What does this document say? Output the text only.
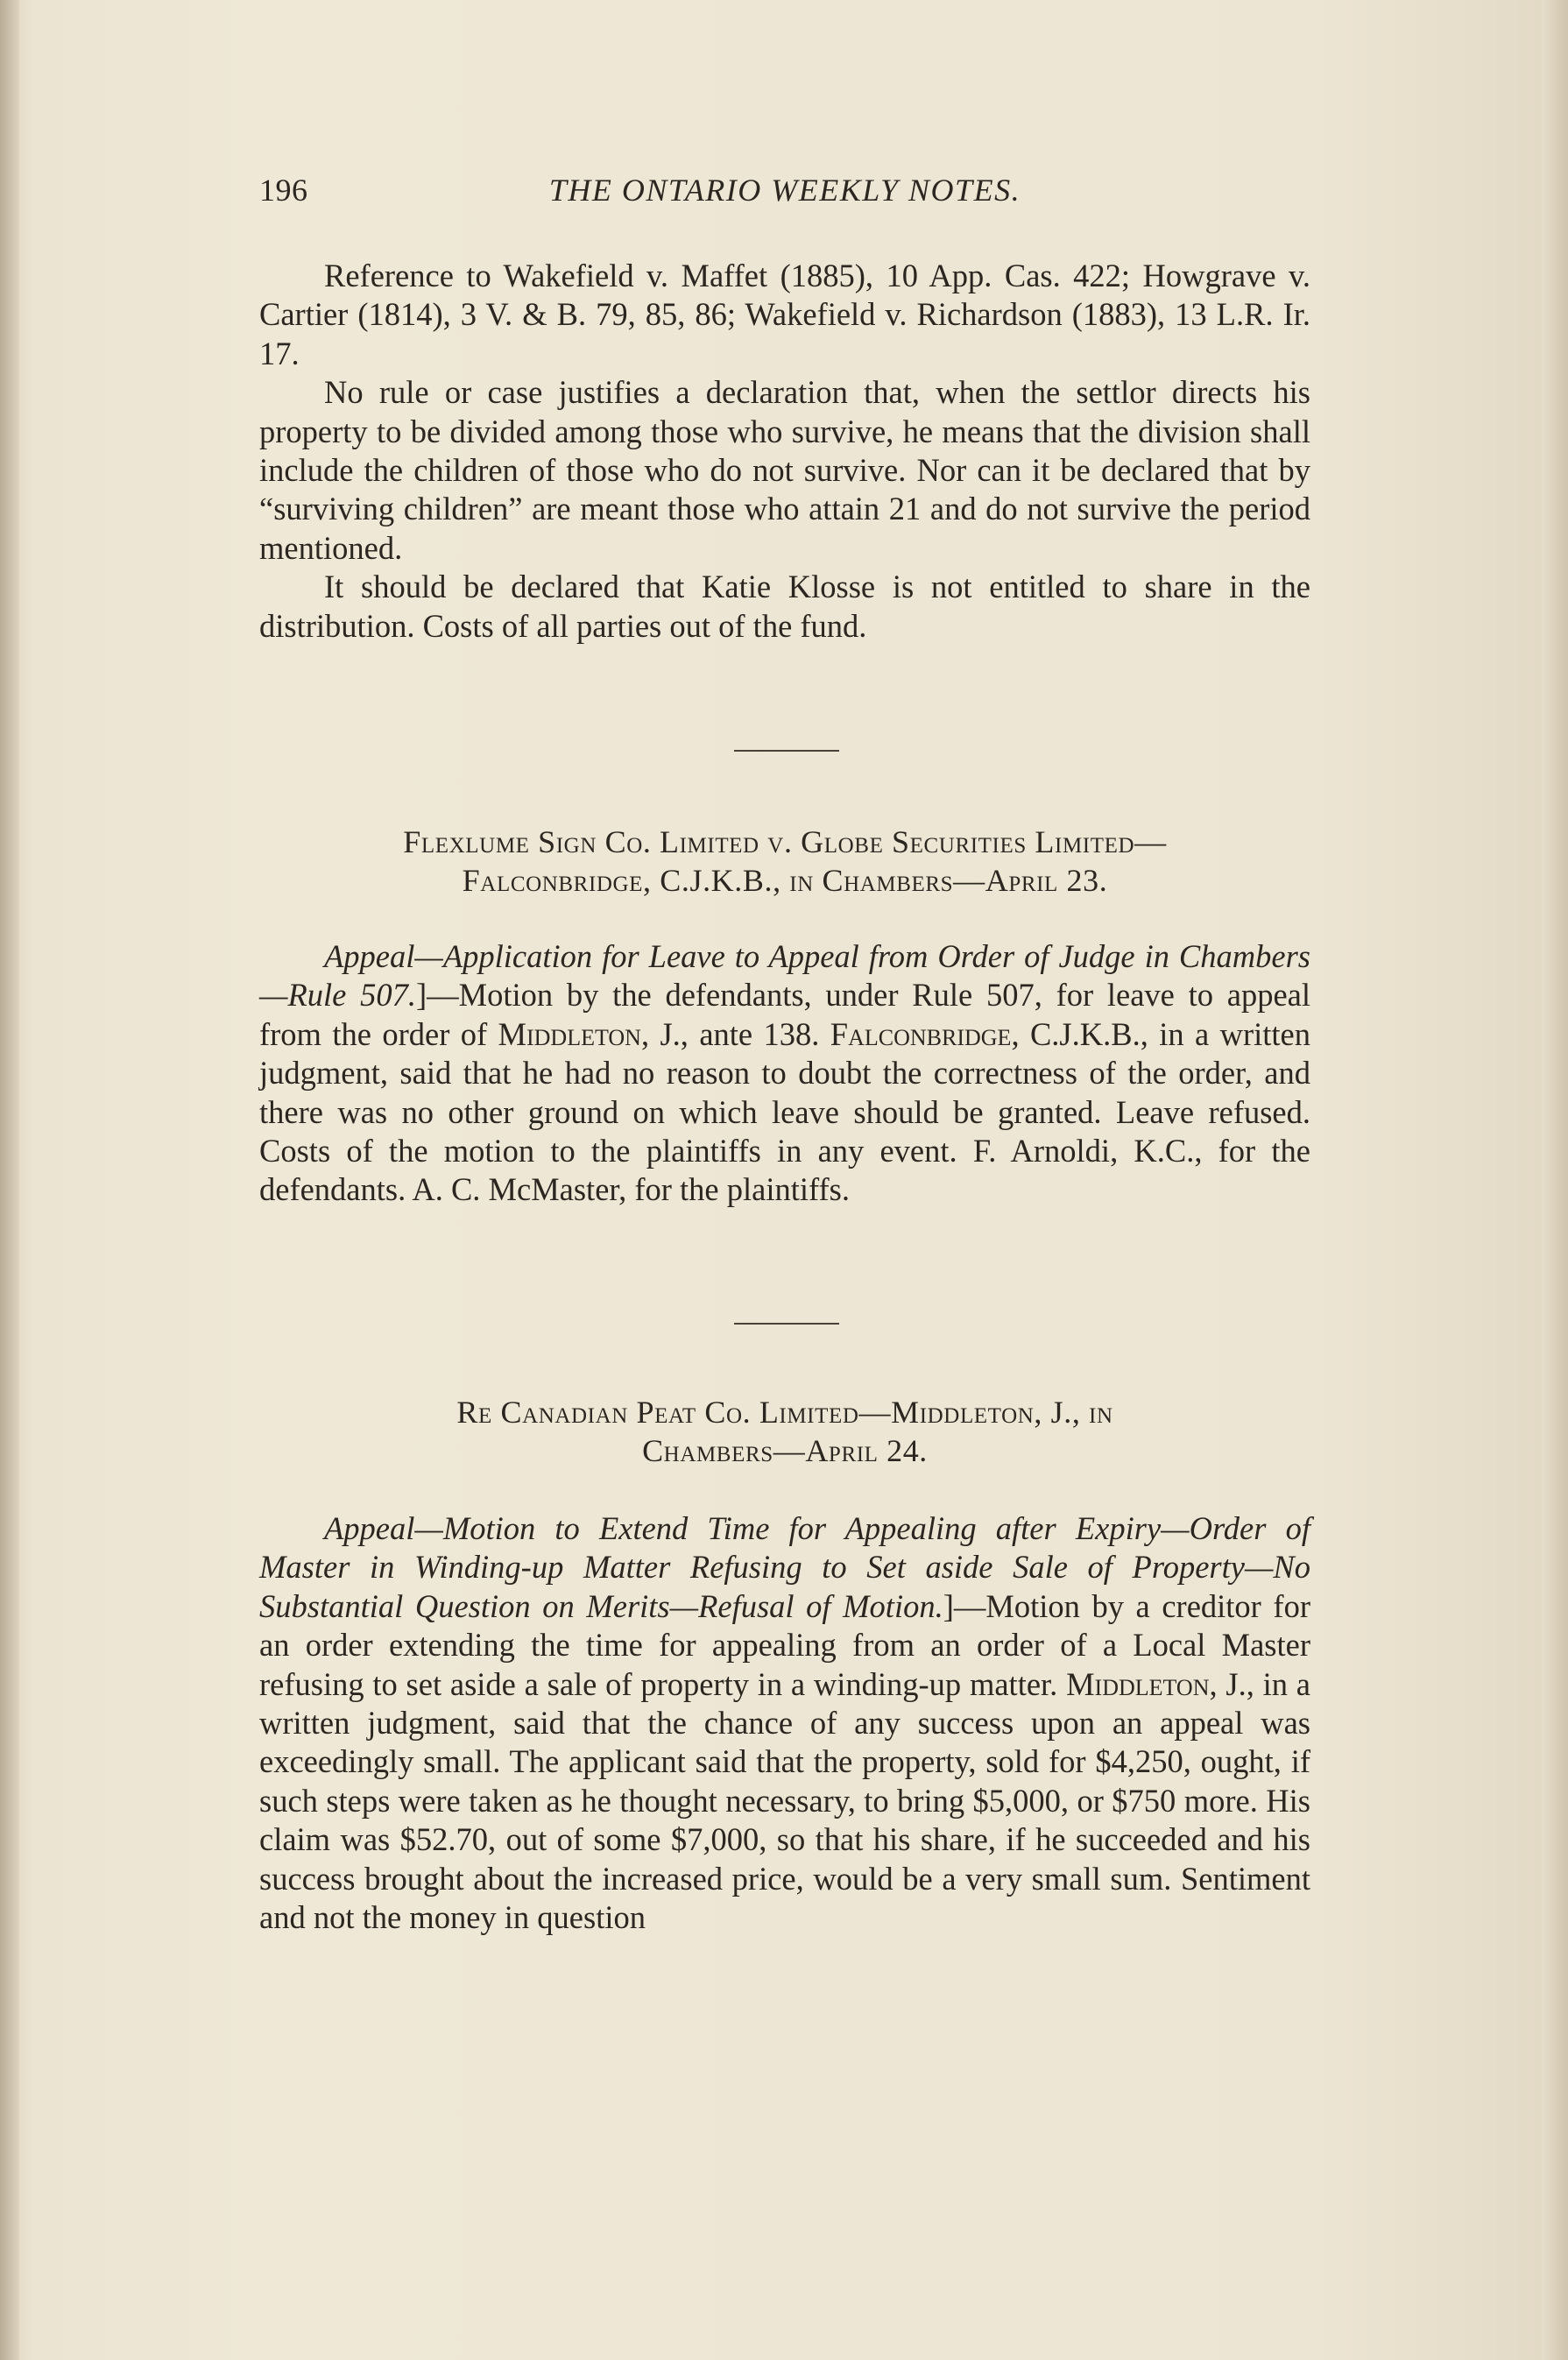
196	THE ONTARIO WEEKLY NOTES.

Reference to Wakefield v. Maffet (1885), 10 App. Cas. 422; Howgrave v. Cartier (1814), 3 V. & B. 79, 85, 86; Wakefield v. Richardson (1883), 13 L.R. Ir. 17.

No rule or case justifies a declaration that, when the settlor directs his property to be divided among those who survive, he means that the division shall include the children of those who do not survive. Nor can it be declared that by “surviving children” are meant those who attain 21 and do not survive the period mentioned.

It should be declared that Katie Klosse is not entitled to share in the distribution. Costs of all parties out of the fund.

Flexlume Sign Co. Limited v. Globe Securities Limited—

Falconbridge, C.J.K.B., in Chambers—April 23.

Appeal—Application for Leave to Appeal from Order of Judge in Chambers—Rule 507.]—Motion by the defendants, under Rule 507, for leave to appeal from the order of Middleton, J., ante 138. Falconbridge, C.J.K.B., in a written judgment, said that he had no reason to doubt the correctness of the order, and there was no other ground on which leave should be granted. Leave refused. Costs of the motion to the plaintiffs in any event. F. Arnoldi, K.C., for the defendants. A. C. McMaster, for the plaintiffs.

Re Canadian Peat Co. Limited—Middleton, J., in

Chambers—April 24.

Appeal—Motion to Extend Time for Appealing after Expiry—Order of Master in Winding-up Matter Refusing to Set aside Sale of Property—No Substantial Question on Merits—Refusal of Motion.]—Motion by a creditor for an order extending the time for appealing from an order of a Local Master refusing to set aside a sale of property in a winding-up matter. Middleton, J., in a written judgment, said that the chance of any success upon an appeal was exceedingly small. The applicant said that the property, sold for $4,250, ought, if such steps were taken as he thought necessary, to bring $5,000, or $750 more. His claim was $52.70, out of some $7,000, so that his share, if he succeeded and his success brought about the increased price, would be a very small sum. Sentiment and not the money in question
